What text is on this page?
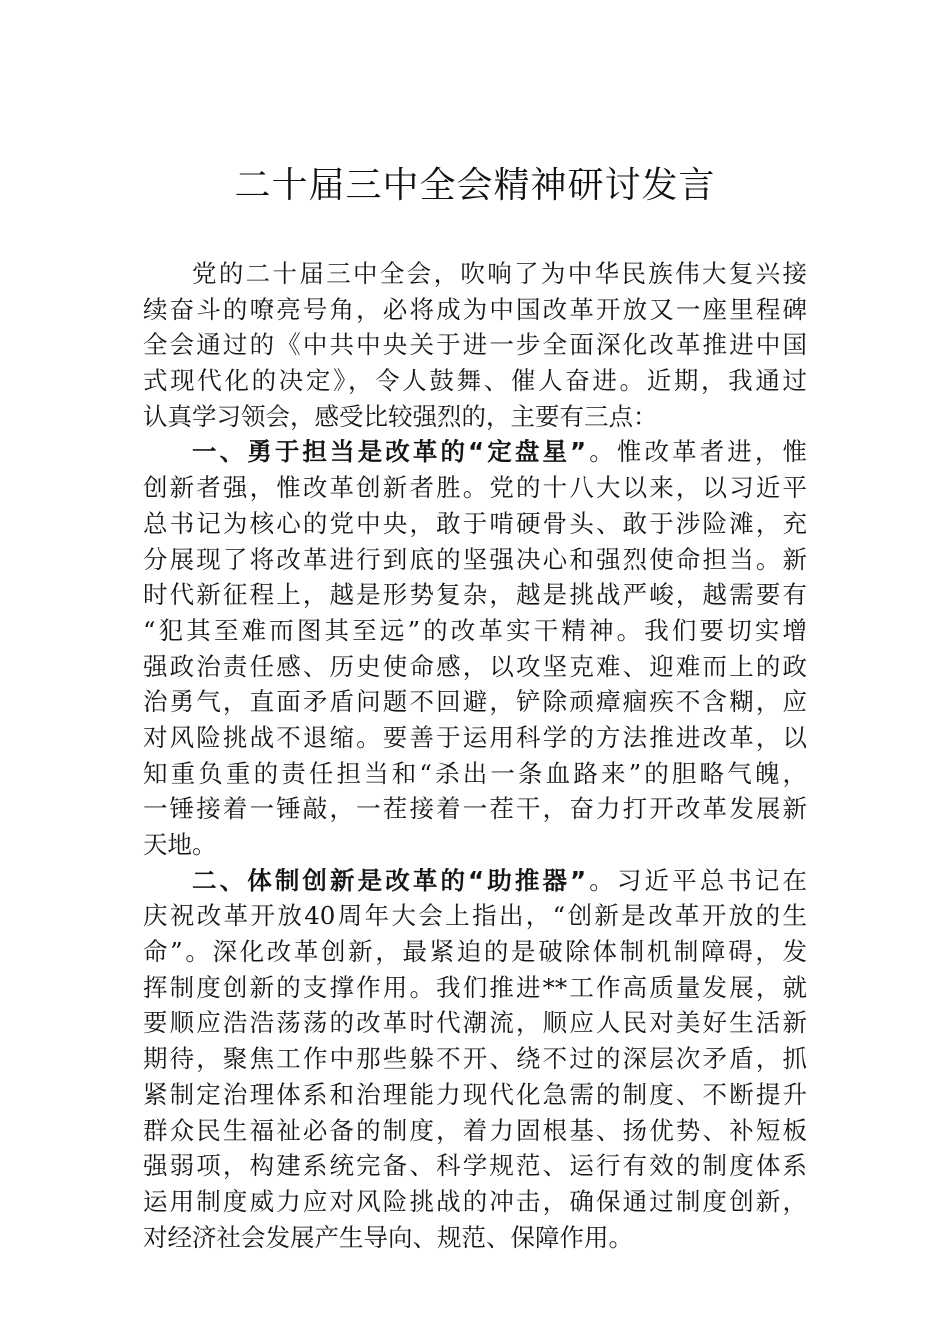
二十届三中全会精神研讨发言
党的二十届三中全会，吹响了为中华民族伟大复兴接
续奋斗的嘹亮号角，必将成为中国改革开放又一座里程碑
全会通过的《中共中央关于进一步全面深化改革推进中国
式现代化的决定》，令人鼓舞、催人奋进。近期，我通过
认真学习领会，感受比较强烈的，主要有三点：
一、勇于担当是改革的“定盘星”。惟改革者进，惟
创新者强，惟改革创新者胜。党的十八大以来，以习近平
总书记为核心的党中央，敢于啃硬骨头、敢于涉险滩，充
分展现了将改革进行到底的坚强决心和强烈使命担当。新
时代新征程上，越是形势复杂，越是挑战严峻，越需要有
“犯其至难而图其至远”的改革实干精神。我们要切实增
强政治责任感、历史使命感，以攻坚克难、迎难而上的政
治勇气，直面矛盾问题不回避，铲除顽瘴痼疾不含糊，应
对风险挑战不退缩。要善于运用科学的方法推进改革，以
知重负重的责任担当和“杀出一条血路来”的胆略气魄，
一锤接着一锤敲，一茬接着一茬干，奋力打开改革发展新
天地。
二、体制创新是改革的“助推器”。习近平总书记在
庆祝改革开放40周年大会上指出，“创新是改革开放的生
命”。深化改革创新，最紧迫的是破除体制机制障碍，发
挥制度创新的支撑作用。我们推进**工作高质量发展，就
要顺应浩浩荡荡的改革时代潮流，顺应人民对美好生活新
期待，聚焦工作中那些躲不开、绕不过的深层次矛盾，抓
紧制定治理体系和治理能力现代化急需的制度、不断提升
群众民生福祉必备的制度，着力固根基、扬优势、补短板
强弱项，构建系统完备、科学规范、运行有效的制度体系
运用制度威力应对风险挑战的冲击，确保通过制度创新，
对经济社会发展产生导向、规范、保障作用。
